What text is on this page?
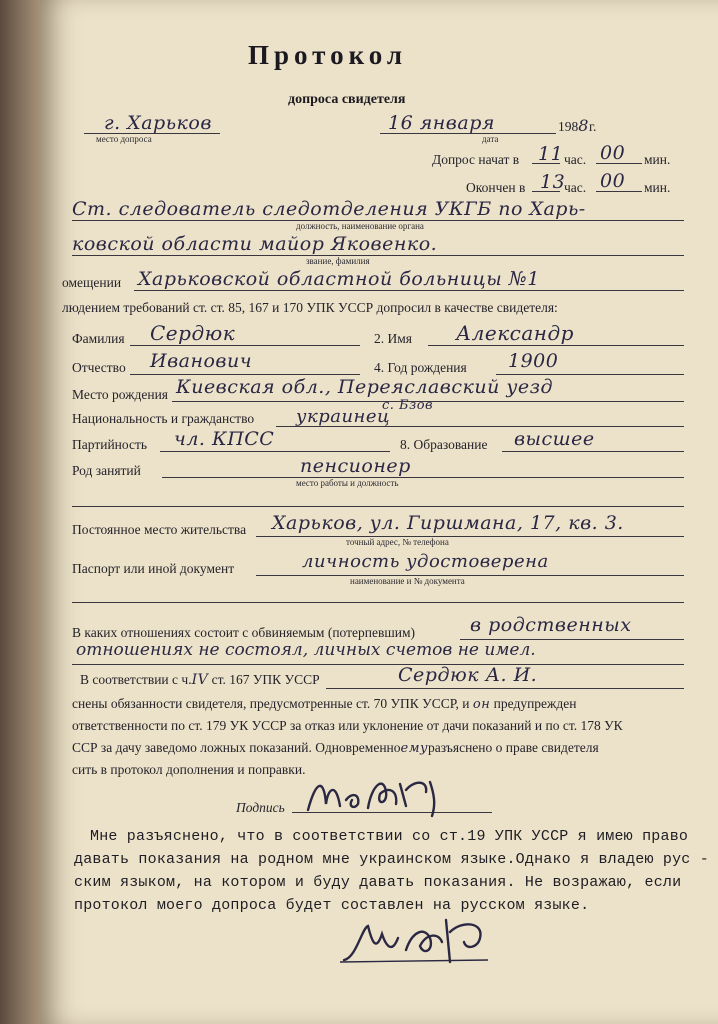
Протокол
допроса свидетеля
г. Харьков
место допроса
16 января
дата
1988г.
Допрос начат в 11 час. 00 мин.
Окончен в 13
час. 00 мин.
Ст. следователь следотделения УКГБ по Харь-
должность, наименование органа
ковской области майор Яковенко.
звание, фамилия
омещении Харьковской областной больницы №1
людением требований ст. ст. 85, 167 и 170 УПК УССР допросил в качестве свидетеля:
Фамилия Сердюк	2. Имя Александр
Отчество Иванович	4. Год рождения 1900
Место рождения Киевская обл., Переяславский уезд
с. Бзов
Национальность и гражданство украинец
Партийность чл. КПСС	8. Образование высшее
Род занятий	пенсионер
место работы и должность
Постоянное место жительства Харьков, ул. Гиршмана, 17, кв. 3.
точный адрес, № телефона
Паспорт или иной документ	личность удостоверена
наименование и № документа
В каких отношениях состоит с обвиняемым (потерпевшим)	в родственных
отношениях не состоял, личных счетов не имел.
В соответствии с ч.IV ст. 167 УПК УССР	Сердюк А. И.
снены обязанности свидетеля, предусмотренные ст. 70 УПК УССР, и он предупрежден
ответственности по ст. 179 УК УССР за отказ или уклонение от дачи показаний и по ст. 178 УК
ССР за дачу заведомо ложных показаний. Одновременноемуразъяснено о праве свидетеля
сить в протокол дополнения и поправки.
Подпись
Мне разъяснено, что в соответствии со ст.19 УПК УССР я имею право
давать показания на родном мне украинском языке.Однако я владею рус -
ским языком, на котором и буду давать показания. Не возражаю, если
протокол моего допроса будет составлен на русском языке.
